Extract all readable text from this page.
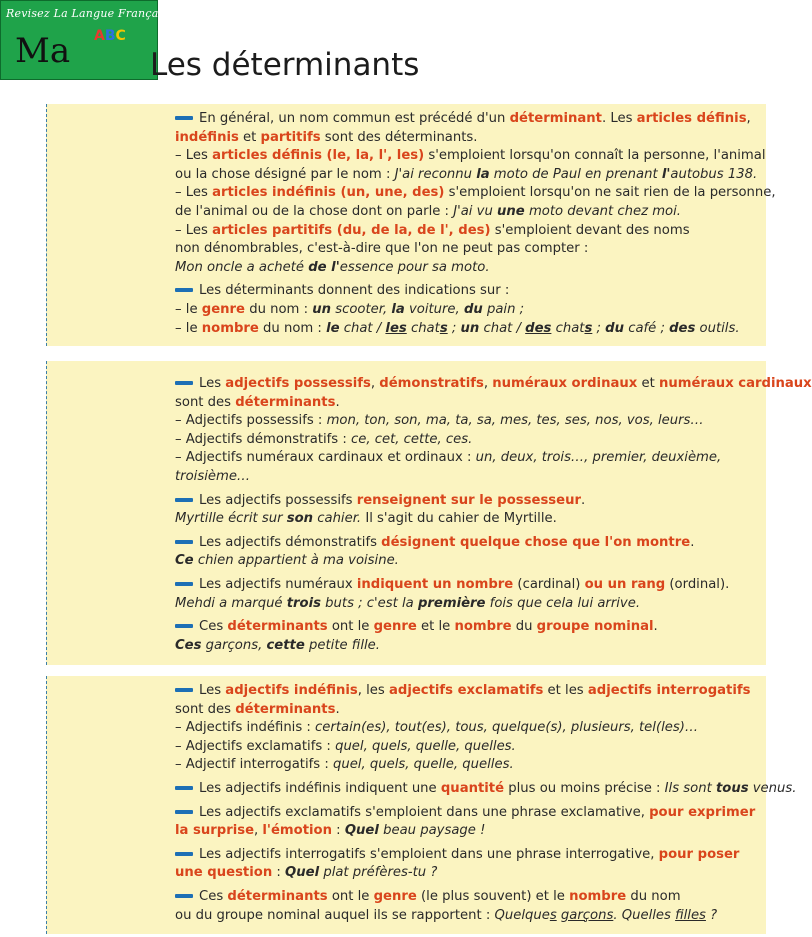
Revisez La Langue Française
Ma ABC
Les déterminants
En général, un nom commun est précédé d'un déterminant. Les articles définis,
indéfinis et partitifs sont des déterminants.
– Les articles définis (le, la, l', les) s'emploient lorsqu'on connaît la personne, l'animal
ou la chose désigné par le nom : J'ai reconnu la moto de Paul en prenant l'autobus 138.
– Les articles indéfinis (un, une, des) s'emploient lorsqu'on ne sait rien de la personne,
de l'animal ou de la chose dont on parle : J'ai vu une moto devant chez moi.
– Les articles partitifs (du, de la, de l', des) s'emploient devant des noms
non dénombrables, c'est-à-dire que l'on ne peut pas compter :
Mon oncle a acheté de l'essence pour sa moto.
Les déterminants donnent des indications sur :
– le genre du nom : un scooter, la voiture, du pain ;
– le nombre du nom : le chat / les chats ; un chat / des chats ; du café ; des outils.
Les adjectifs possessifs, démonstratifs, numéraux ordinaux et numéraux cardinaux
sont des déterminants.
– Adjectifs possessifs : mon, ton, son, ma, ta, sa, mes, tes, ses, nos, vos, leurs…
– Adjectifs démonstratifs : ce, cet, cette, ces.
– Adjectifs numéraux cardinaux et ordinaux : un, deux, trois…, premier, deuxième,
troisième…
Les adjectifs possessifs renseignent sur le possesseur.
Myrtille écrit sur son cahier. Il s'agit du cahier de Myrtille.
Les adjectifs démonstratifs désignent quelque chose que l'on montre.
Ce chien appartient à ma voisine.
Les adjectifs numéraux indiquent un nombre (cardinal) ou un rang (ordinal).
Mehdi a marqué trois buts ; c'est la première fois que cela lui arrive.
Ces déterminants ont le genre et le nombre du groupe nominal.
Ces garçons, cette petite fille.
Les adjectifs indéfinis, les adjectifs exclamatifs et les adjectifs interrogatifs
sont des déterminants.
– Adjectifs indéfinis : certain(es), tout(es), tous, quelque(s), plusieurs, tel(les)…
– Adjectifs exclamatifs : quel, quels, quelle, quelles.
– Adjectif interrogatifs : quel, quels, quelle, quelles.
Les adjectifs indéfinis indiquent une quantité plus ou moins précise : Ils sont tous venus.
Les adjectifs exclamatifs s'emploient dans une phrase exclamative, pour exprimer
la surprise, l'émotion : Quel beau paysage !
Les adjectifs interrogatifs s'emploient dans une phrase interrogative, pour poser
une question : Quel plat préfères-tu ?
Ces déterminants ont le genre (le plus souvent) et le nombre du nom
ou du groupe nominal auquel ils se rapportent : Quelques garçons. Quelles filles ?
